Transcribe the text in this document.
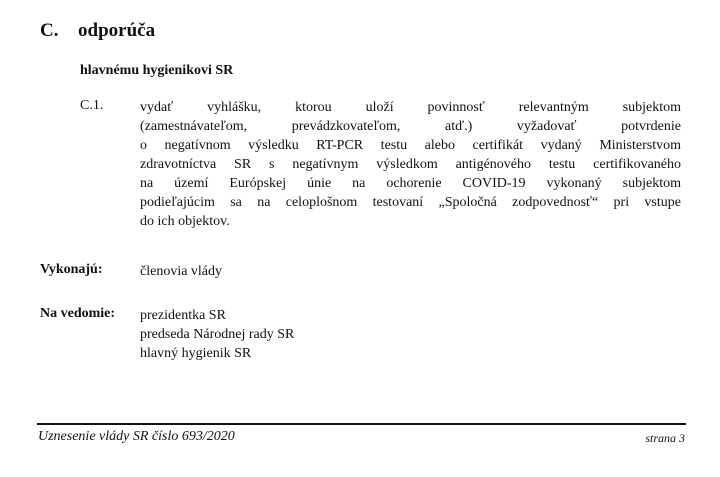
C. odporúča
hlavnému hygienikovi SR
C.1.	vydať vyhlášku, ktorou uloží povinnosť relevantným subjektom
(zamestnávateľom, prevádzkovateľom, atď.) vyžadovať potvrdenie
o negatívnom výsledku RT-PCR testu alebo certifikát vydaný Ministerstvom
zdravotníctva SR s negatívnym výsledkom antigénového testu certifikovaného
na území Európskej únie na ochorenie COVID-19 vykonaný subjektom
podieľajúcim sa na celoplošnom testovaní „Spoločná zodpovednosť“ pri vstupe
do ich objektov.
Vykonajú:	členovia vlády
Na vedomie: prezidentka SR
predseda Národnej rady SR
hlavný hygienik SR
Uznesenie vlády SR číslo 693/2020	strana 3
